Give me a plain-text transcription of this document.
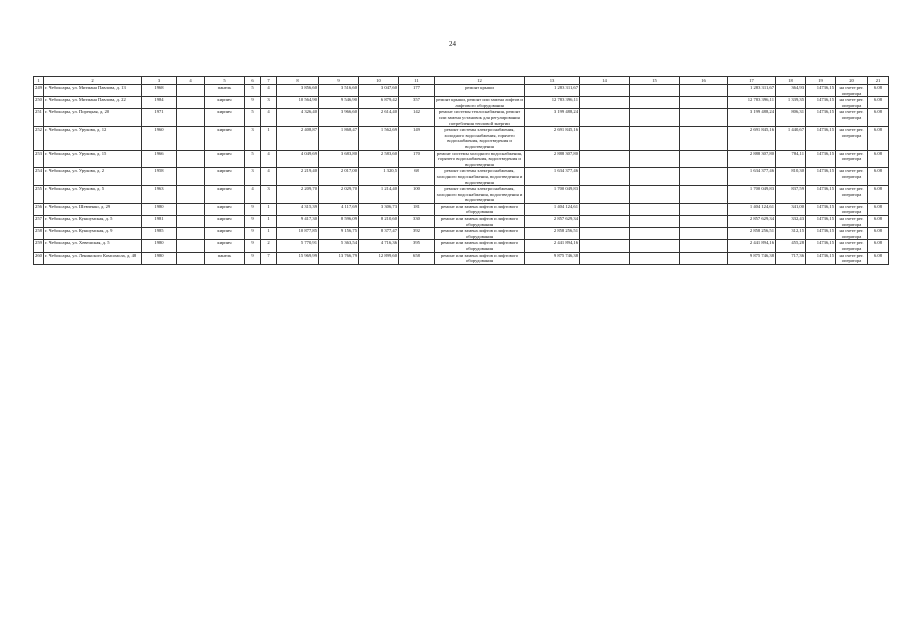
24
1	2	3	4	5	6	7	8	9	10	11	12	13	14	15	16	17	18	19	20	21
249	г. Чебоксары, ул. Митмана Павлова, д. 13	1968		панель	5	4	3 856,60	3 516,60	3 047,60	177	ремонт крыши	1 283 311,67				1 283 311,67	364,93	14736,15	на счете рег. оператора	6.08
250	г. Чебоксары, ул. Митмана Павлова, д. 22	1984		кирпич	9	3	10 564,90	9 546,90	6 879,42	357	ремонт крыши, ремонт или замена лифтов и лифтового оборудования	12 783 396,11				12 783 396,11	1 339,35	14736,15	на счете рег. оператора	6.08
251	г. Чебоксары, ул. Порецкая, д. 20	1971		кирпич	5	4	4 326,40	3 966,60	2 614,40	142	ремонт системы теплоснабжения, ремонт или замена установок для регулирования потребления тепловой энергии	3 199 488,24				3 199 488,24	806,31	14736,15	на счете рег. оператора	6.08
252	г. Чебоксары, ул. Урукова, д. 12	1960		кирпич	3	1	2 408,87	1 868,47	1 562,69	149	ремонт системы электроснабжения, холодного водоснабжения, горячего водоснабжения, водоотведения и водоотведения	2 691 845,16				2 691 845,16	1 440,67	14736,15	на счете рег. оператора	6.08
253	г. Чебоксары, ул. Урукова, д. 15	1966		кирпич	5	4	4 049,69	3 683,80	2 583,60	170	ремонт системы холодного водоснабжения, горячего водоснабжения, водоотведения и водоотведения	2 888 307,80				2 888 307,80	784,11	14736,15	на счете рег. оператора	6.08
254	г. Чебоксары, ул. Урукова, д. 2	1958		кирпич	3	4	2 219,40	2 017,00	1 320,5	68	ремонт системы электроснабжения, холодного водоснабжения, водоотведения и водоотведения	1 634 377,46				1 634 377,46	810,30	14736,15	на счете рег. оператора	6.08
255	г. Чебоксары, ул. Урукова, д. 5	1963		кирпич	4	3	2 209,70	2 029,70	1 214,40	100	ремонт системы электроснабжения, холодного водоснабжения, водоотведения и водоотведения	1 700 049,83				1 700 049,83	837,59	14736,15	на счете рег. оператора	6.08
256	г. Чебоксары, ул. Шевченко, д. 29	1980		кирпич	9	1	4 315,39	4 117,69	3 306,73	181	ремонт или замена лифтов и лифтового оборудования	1 404 124,61				1 404 124,61	341,00	14736,15	на счете рег. оператора	6.08
257	г. Чебоксары, ул. Кукшумская, д. 5	1981		кирпич	9	1	9 417,30	8 596,09	8 210,60	330	ремонт или замена лифтов и лифтового оборудования	2 857 629,34				2 857 629,34	332,43	14736,15	на счете рег. оператора	6.08
258	г. Чебоксары, ул. Кукшумская, д. 9	1985		кирпич	9	1	10 877,85	9 156,75	8 377,47	392	ремонт или замена лифтов и лифтового оборудования	2 858 256,51				2 858 256,51	312,15	14736,15	на счете рег. оператора	6.08
259	г. Чебоксары, ул. Хевешская, д. 5	1980		кирпич	9	2	5 770,91	5 363,54	4 716,36	395	ремонт или замена лифтов и лифтового оборудования	2 441 894,16				2 441 894,16	455,28	14736,15	на счете рег. оператора	6.08
260	г. Чебоксары, ул. Ленинского Комсомола, д. 48	1980		панель	9	7	15 969,99	13 766,79	12 899,60	658	ремонт или замена лифтов и лифтового оборудования	9 875 746,38				9 875 746,38	717,36	14736,15	на счете рег. оператора	6.08
